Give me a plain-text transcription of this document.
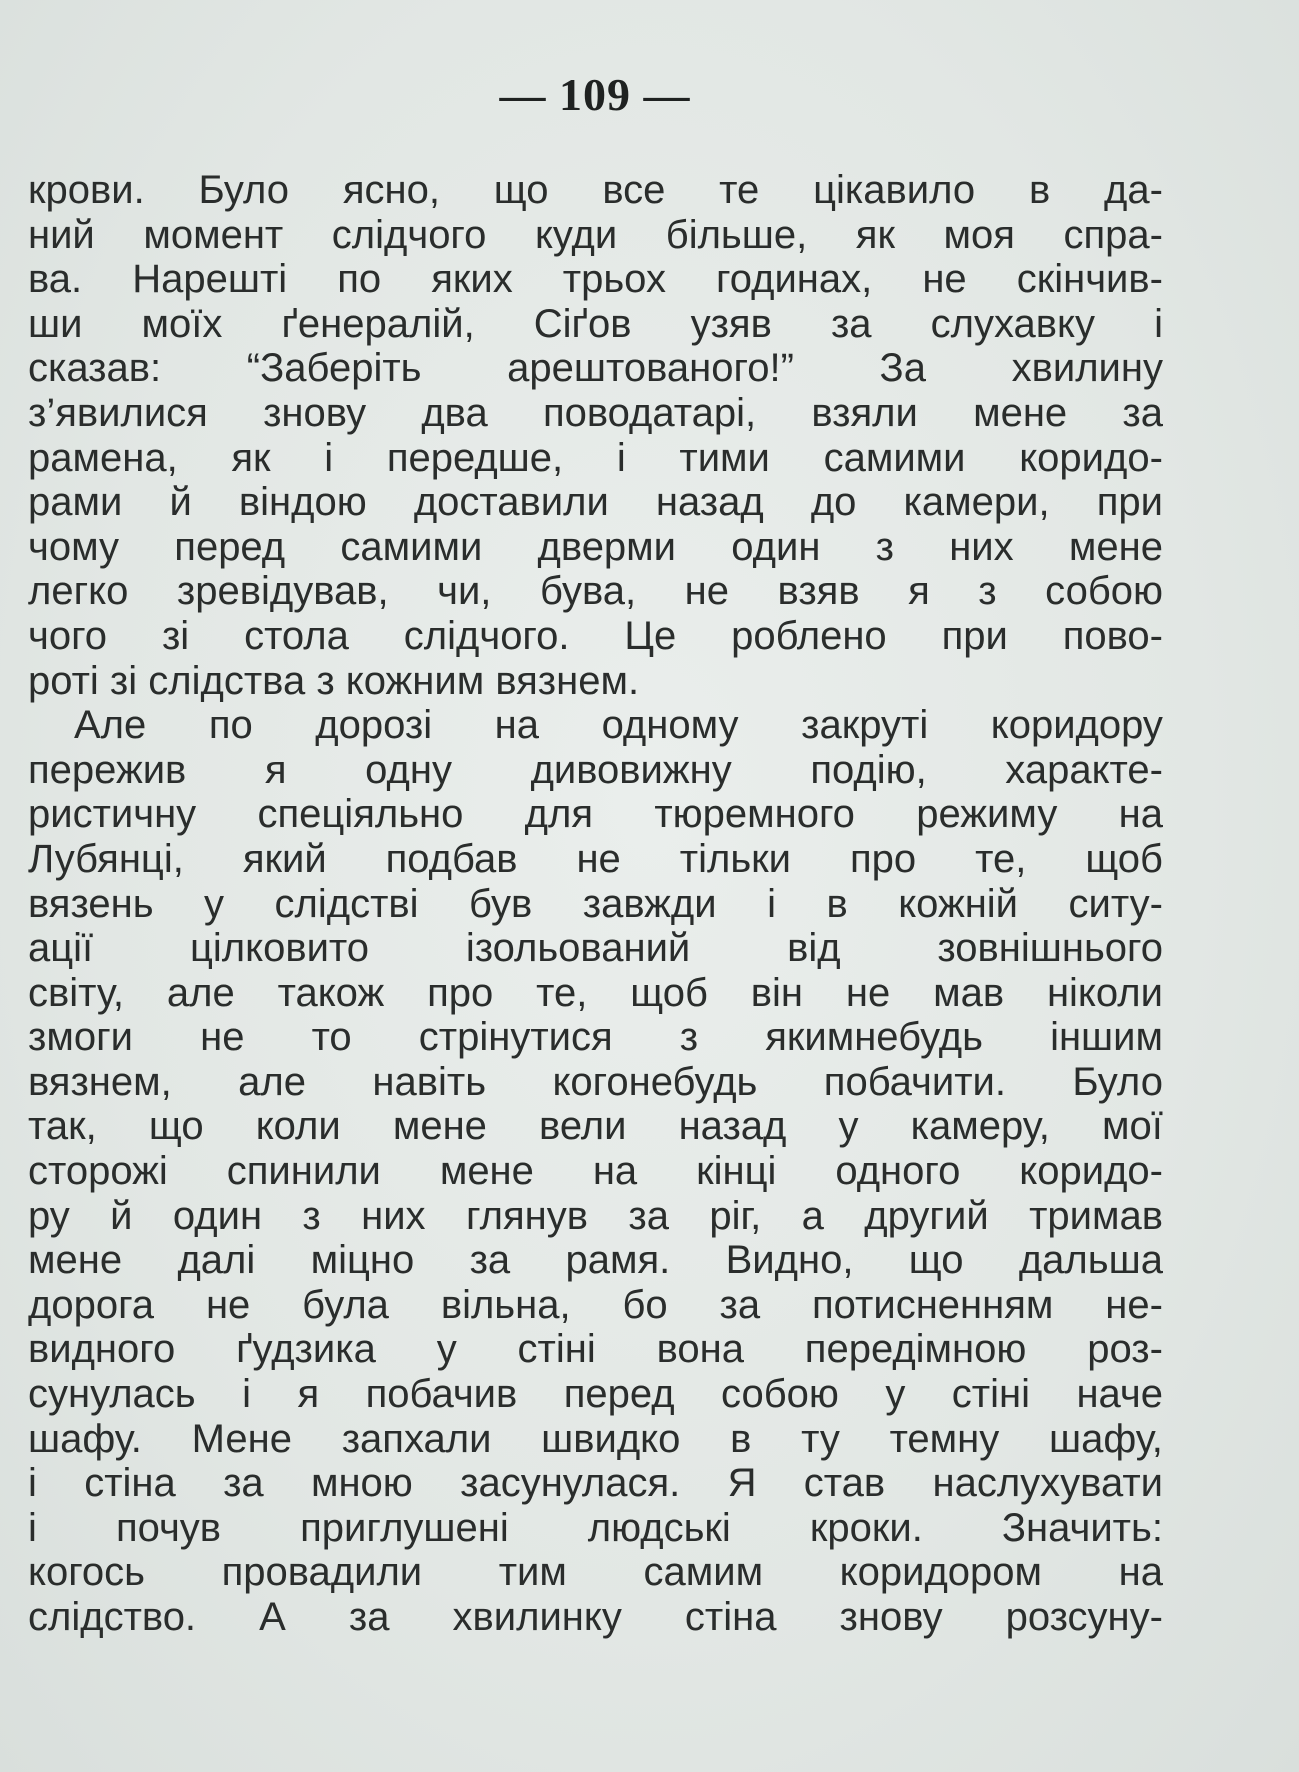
— 109 —
крови. Було ясно, що все те цікавило в да-
ний момент слідчого куди більше, як моя спра-
ва. Нарешті по яких трьох годинах, не скінчив-
ши моїх ґенералій, Сіґов узяв за слухавку і
сказав: “Заберіть арештованого!” За хвилину
з’явилися знову два поводатарі, взяли мене за
рамена, як і передше, і тими самими коридо-
рами й віндою доставили назад до камери, при
чому перед самими дверми один з них мене
легко зревідував, чи, бува, не взяв я з собою
чого зі стола слідчого. Це роблено при пово-
роті зі слідства з кожним вязнем.
Але по дорозі на одному закруті коридору
пережив я одну дивовижну подію, характе-
ристичну спеціяльно для тюремного режиму на
Лубянці, який подбав не тільки про те, щоб
вязень у слідстві був завжди і в кожній ситу-
ації цілковито ізольований від зовнішнього
світу, але також про те, щоб він не мав ніколи
змоги не то стрінутися з якимнебудь іншим
вязнем, але навіть когонебудь побачити. Було
так, що коли мене вели назад у камеру, мої
сторожі спинили мене на кінці одного коридо-
ру й один з них глянув за ріг, а другий тримав
мене далі міцно за рамя. Видно, що дальша
дорога не була вільна, бо за потисненням не-
видного ґудзика у стіні вона передімною роз-
сунулась і я побачив перед собою у стіні наче
шафу. Мене запхали швидко в ту темну шафу,
і стіна за мною засунулася. Я став наслухувати
і почув приглушені людські кроки. Значить:
когось провадили тим самим коридором на
слідство. А за хвилинку стіна знову розсуну-
